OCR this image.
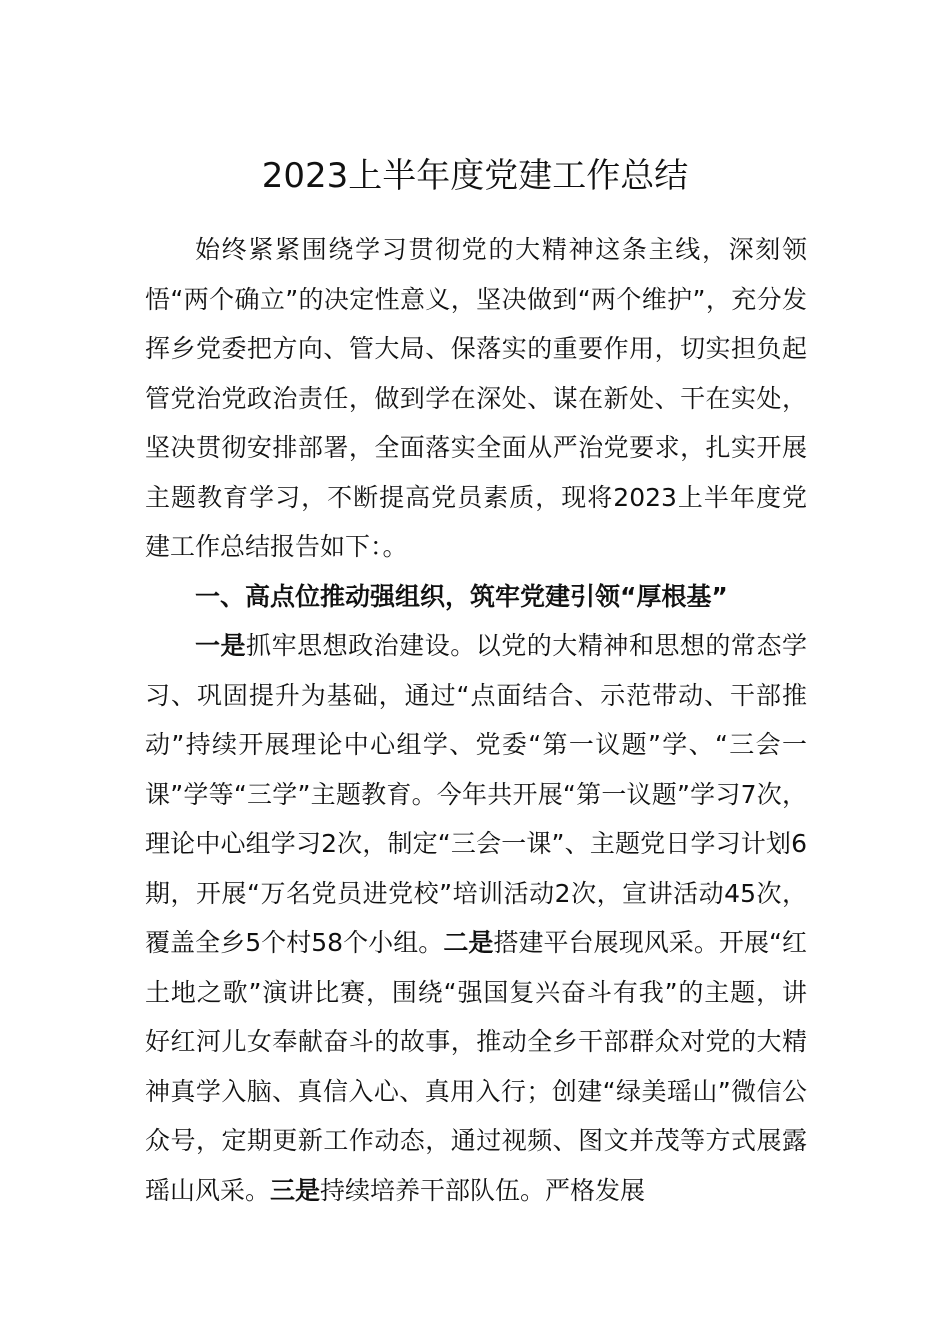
2023上半年度党建工作总结

始终紧紧围绕学习贯彻党的大精神这条主线，深刻领悟“两个确立”的决定性意义，坚决做到“两个维护”，充分发挥乡党委把方向、管大局、保落实的重要作用，切实担负起管党治党政治责任，做到学在深处、谋在新处、干在实处，坚决贯彻安排部署，全面落实全面从严治党要求，扎实开展主题教育学习，不断提高党员素质，现将2023上半年度党建工作总结报告如下：。

一、高点位推动强组织，筑牢党建引领“厚根基”

一是抓牢思想政治建设。以党的大精神和思想的常态学习、巩固提升为基础，通过“点面结合、示范带动、干部推动”持续开展理论中心组学、党委“第一议题”学、“三会一课”学等“三学”主题教育。今年共开展“第一议题”学习7次，理论中心组学习2次，制定“三会一课”、主题党日学习计划6期，开展“万名党员进党校”培训活动2次，宣讲活动45次，覆盖全乡5个村58个小组。二是搭建平台展现风采。开展“红土地之歌”演讲比赛，围绕“强国复兴奋斗有我”的主题，讲好红河儿女奉献奋斗的故事，推动全乡干部群众对党的大精神真学入脑、真信入心、真用入行；创建“绿美瑶山”微信公众号，定期更新工作动态，通过视频、图文并茂等方式展露瑶山风采。三是持续培养干部队伍。严格发展
